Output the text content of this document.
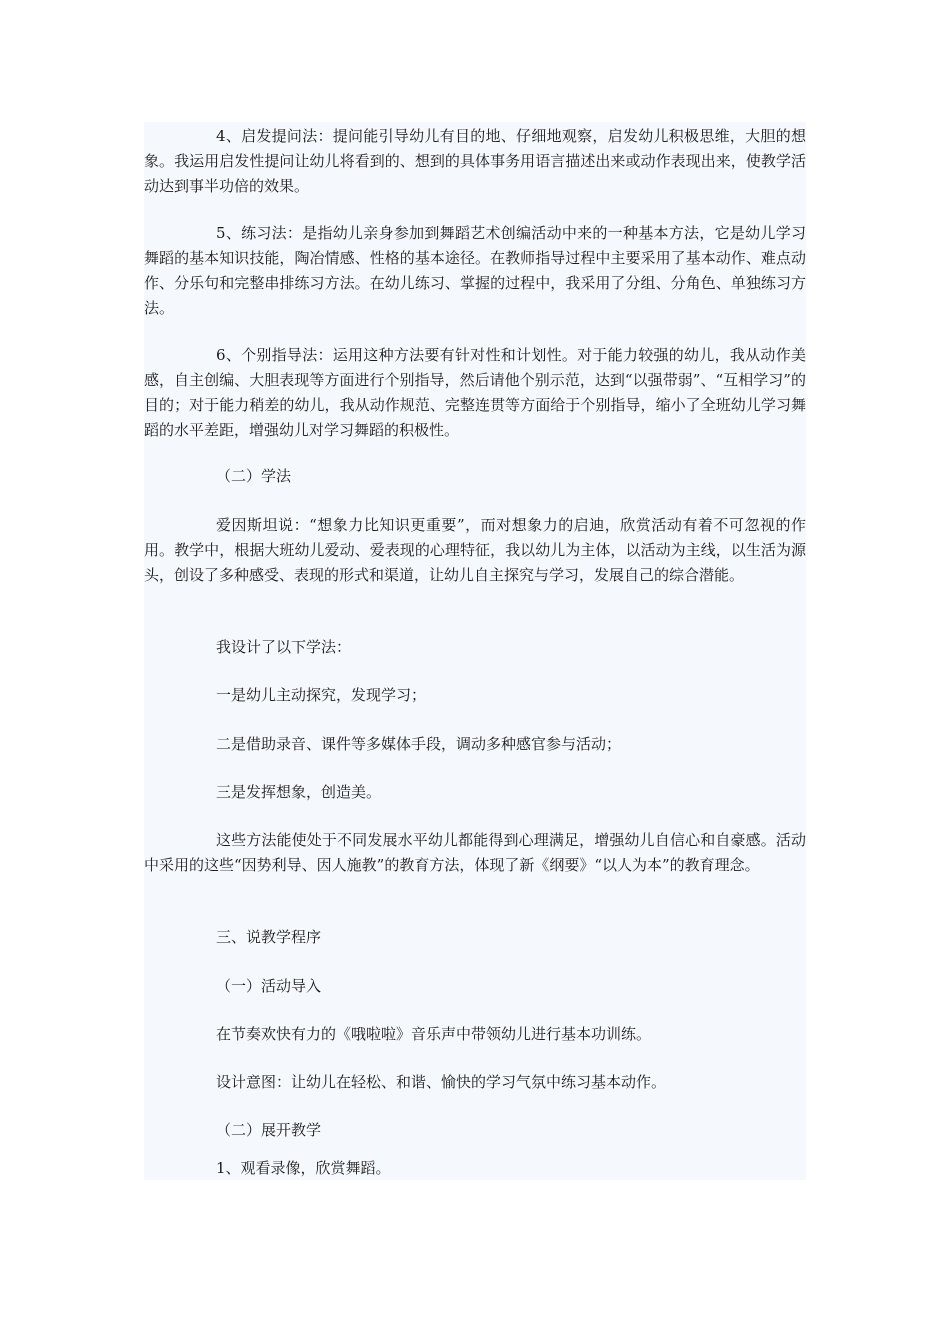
4、启发提问法：提问能引导幼儿有目的地、仔细地观察，启发幼儿积极思维，大胆的想象。我运用启发性提问让幼儿将看到的、想到的具体事务用语言描述出来或动作表现出来，使教学活动达到事半功倍的效果。

5、练习法：是指幼儿亲身参加到舞蹈艺术创编活动中来的一种基本方法，它是幼儿学习舞蹈的基本知识技能，陶冶情感、性格的基本途径。在教师指导过程中主要采用了基本动作、难点动作、分乐句和完整串排练习方法。在幼儿练习、掌握的过程中，我采用了分组、分角色、单独练习方法。

6、个别指导法：运用这种方法要有针对性和计划性。对于能力较强的幼儿，我从动作美感，自主创编、大胆表现等方面进行个别指导，然后请他个别示范，达到“以强带弱”、“互相学习”的目的；对于能力稍差的幼儿，我从动作规范、完整连贯等方面给于个别指导，缩小了全班幼儿学习舞蹈的水平差距，增强幼儿对学习舞蹈的积极性。

（二）学法

爱因斯坦说：“想象力比知识更重要”，而对想象力的启迪，欣赏活动有着不可忽视的作用。教学中，根据大班幼儿爱动、爱表现的心理特征，我以幼儿为主体，以活动为主线，以生活为源头，创设了多种感受、表现的形式和渠道，让幼儿自主探究与学习，发展自己的综合潜能。

我设计了以下学法：

一是幼儿主动探究，发现学习；

二是借助录音、课件等多媒体手段，调动多种感官参与活动；

三是发挥想象，创造美。

这些方法能使处于不同发展水平幼儿都能得到心理满足，增强幼儿自信心和自豪感。活动中采用的这些“因势利导、因人施教”的教育方法，体现了新《纲要》“以人为本”的教育理念。

三、说教学程序

（一）活动导入

在节奏欢快有力的《哦啦啦》音乐声中带领幼儿进行基本功训练。

设计意图：让幼儿在轻松、和谐、愉快的学习气氛中练习基本动作。

（二）展开教学

1、观看录像，欣赏舞蹈。
